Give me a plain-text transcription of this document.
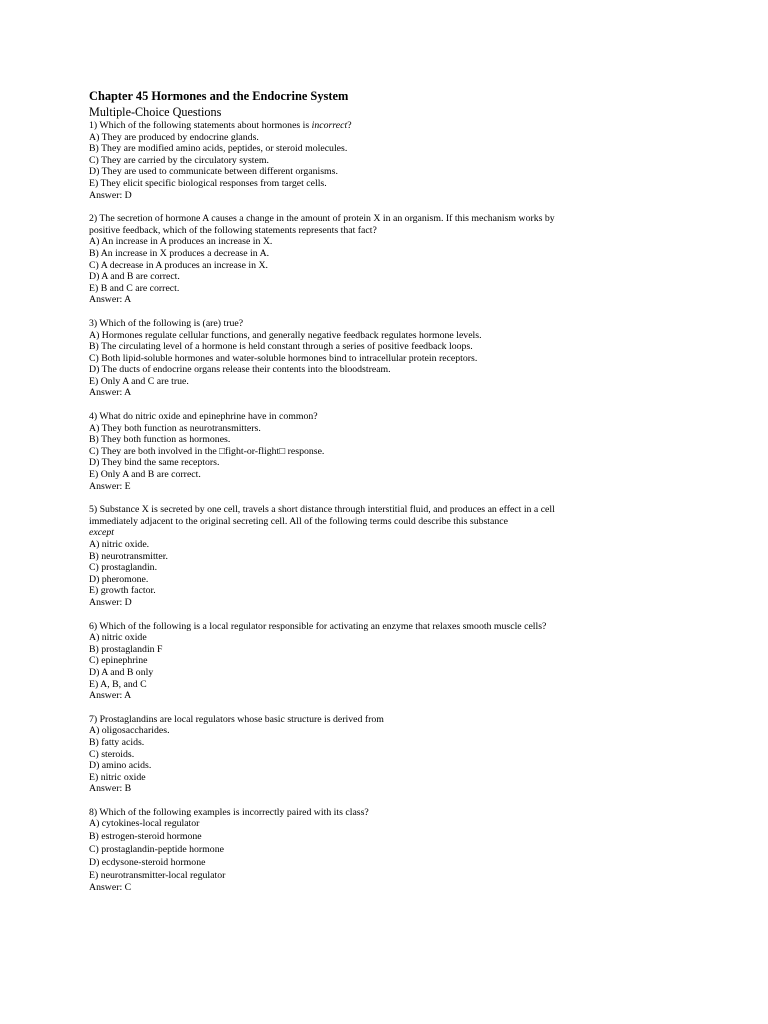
Chapter 45 Hormones and the Endocrine System
Multiple-Choice Questions

1) Which of the following statements about hormones is incorrect?

A) They are produced by endocrine glands.
B) They are modified amino acids, peptides, or steroid molecules.
C) They are carried by the circulatory system.
D) They are used to communicate between different organisms.
E) They elicit specific biological responses from target cells.

Answer: D

2) The secretion of hormone A causes a change in the amount of protein X in an organism. If this mechanism works by positive feedback, which of the following statements represents that fact?

A) An increase in A produces an increase in X.
B) An increase in X produces a decrease in A.
C) A decrease in A produces an increase in X.
D) A and B are correct.
E) B and C are correct.

Answer: A

3) Which of the following is (are) true?

A) Hormones regulate cellular functions, and generally negative feedback regulates hormone levels.
B) The circulating level of a hormone is held constant through a series of positive feedback loops.
C) Both lipid-soluble hormones and water-soluble hormones bind to intracellular protein receptors.
D) The ducts of endocrine organs release their contents into the bloodstream.
E) Only A and C are true.

Answer: A

4) What do nitric oxide and epinephrine have in common?

A) They both function as neurotransmitters.
B) They both function as hormones.
C) They are both involved in the □fight-or-flight□ response.
D) They bind the same receptors.
E) Only A and B are correct.

Answer: E

5) Substance X is secreted by one cell, travels a short distance through interstitial fluid, and produces an effect in a cell immediately adjacent to the original secreting cell. All of the following terms could describe this substance
except

A) nitric oxide.
B) neurotransmitter.
C) prostaglandin.
D) pheromone.
E) growth factor.

Answer: D

6) Which of the following is a local regulator responsible for activating an enzyme that relaxes smooth muscle cells?

A) nitric oxide
B) prostaglandin F
C) epinephrine
D) A and B only
E) A, B, and C

Answer: A

7) Prostaglandins are local regulators whose basic structure is derived from

A) oligosaccharides.
B) fatty acids.
C) steroids.
D) amino acids.
E) nitric oxide

Answer: B

8) Which of the following examples is incorrectly paired with its class?

A) cytokines-local regulator
B) estrogen-steroid hormone
C) prostaglandin-peptide hormone
D) ecdysone-steroid hormone
E) neurotransmitter-local regulator

Answer: C
